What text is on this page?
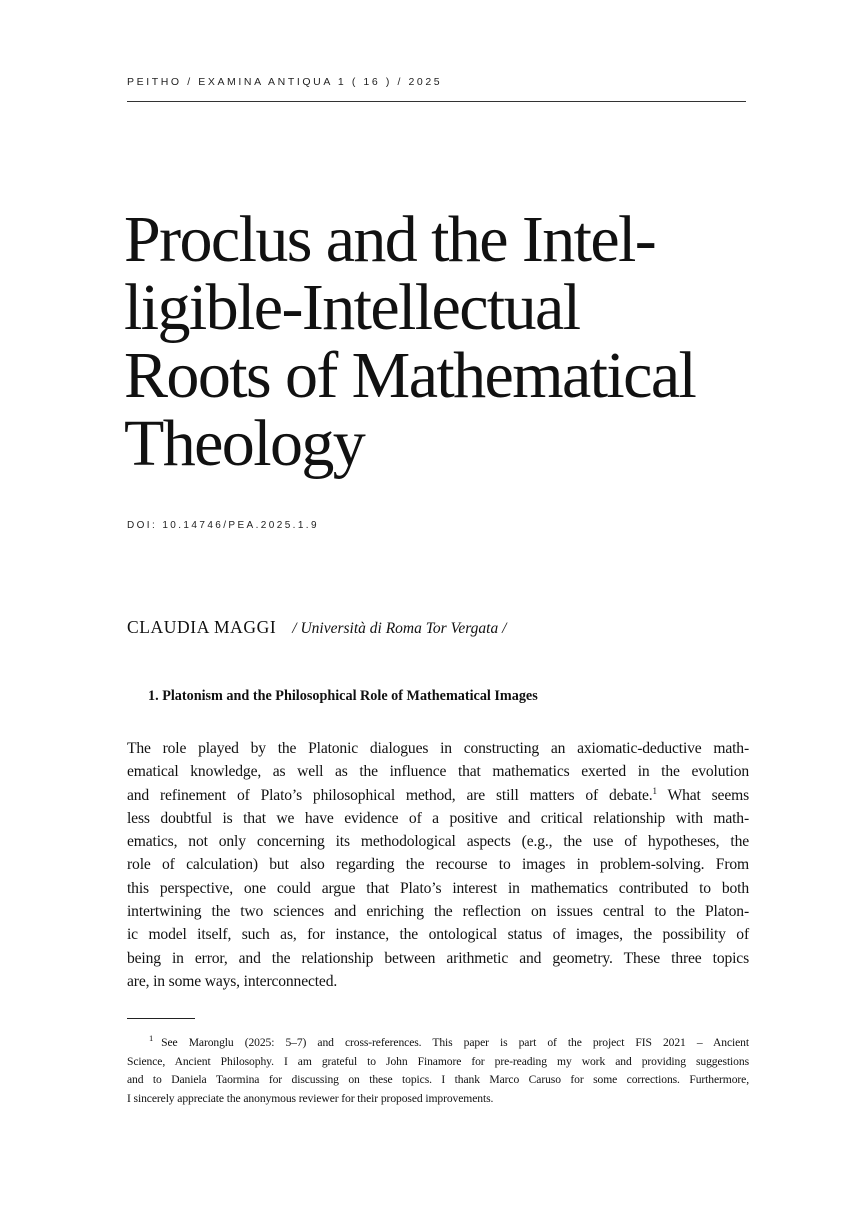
PEITHO / EXAMINA ANTIQUA 1 ( 16 ) / 2025
Proclus and the Intel-
ligible-Intellectual
Roots of Mathematical
Theology
DOI: 10.14746/PEA.2025.1.9
CLAUDIA MAGGI / Università di Roma Tor Vergata /
1. Platonism and the Philosophical Role of Mathematical Images
The role played by the Platonic dialogues in constructing an axiomatic-deductive math-
ematical knowledge, as well as the influence that mathematics exerted in the evolution
and refinement of Plato’s philosophical method, are still matters of debate.$^1$ What seems
less doubtful is that we have evidence of a positive and critical relationship with math-
ematics, not only concerning its methodological aspects (e.g., the use of hypotheses, the
role of calculation) but also regarding the recourse to images in problem-solving. From
this perspective, one could argue that Plato’s interest in mathematics contributed to both
intertwining the two sciences and enriching the reflection on issues central to the Platon-
ic model itself, such as, for instance, the ontological status of images, the possibility of
being in error, and the relationship between arithmetic and geometry. These three topics
are, in some ways, interconnected.
$^1$ See Maronglu (2025: 5–7) and cross-references. This paper is part of the project FIS 2021 – Ancient
Science, Ancient Philosophy. I am grateful to John Finamore for pre-reading my work and providing suggestions
and to Daniela Taormina for discussing on these topics. I thank Marco Caruso for some corrections. Furthermore,
I sincerely appreciate the anonymous reviewer for their proposed improvements.
